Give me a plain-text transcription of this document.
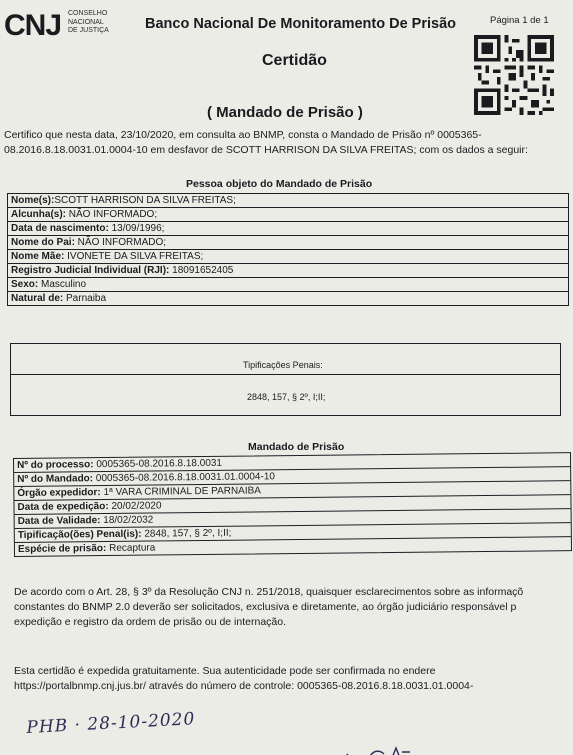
CNJ CONSELHO
NACIONAL
DE JUSTIÇA Banco Nacional De Monitoramento De Prisão	Página 1 de 1
Certidão
( Mandado de Prisão )
Certifico que nesta data, 23/10/2020, em consulta ao BNMP, consta o Mandado de Prisão nº 0005365-
08.2016.8.18.0031.01.0004-10 em desfavor de SCOTT HARRISON DA SILVA FREITAS; com os dados a seguir:
Pessoa objeto do Mandado de Prisão
Nome(s):SCOTT HARRISON DA SILVA FREITAS;
Alcunha(s): NÃO INFORMADO;
Data de nascimento: 13/09/1996;
Nome do Pai: NÃO INFORMADO;
Nome Mãe: IVONETE DA SILVA FREITAS;
Registro Judicial Individual (RJI): 18091652405
Sexo: Masculino
Natural de: Parnaiba
Tipificações Penais:
2848, 157, § 2º, I;II;
Mandado de Prisão
Nº do processo: 0005365-08.2016.8.18.0031
Nº do Mandado: 0005365-08.2016.8.18.0031.01.0004-10
Órgão expedidor: 1ª VARA CRIMINAL DE PARNAIBA
Data de expedição: 20/02/2020
Data de Validade: 18/02/2032
Tipificação(ões) Penal(is): 2848, 157, § 2º, I;II;
Espécie de prisão: Recaptura
De acordo com o Art. 28, § 3º da Resolução CNJ n. 251/2018, quaisquer esclarecimentos sobre as informaçõ
constantes do BNMP 2.0 deverão ser solicitados, exclusiva e diretamente, ao órgão judiciário responsável p
expedição e registro da ordem de prisão ou de internação.
Esta certidão é expedida gratuitamente. Sua autenticidade pode ser confirmada no endere
https://portalbnmp.cnj.jus.br/ através do número de controle: 0005365-08.2016.8.18.0031.01.0004-
PHB · 28-10-2020
